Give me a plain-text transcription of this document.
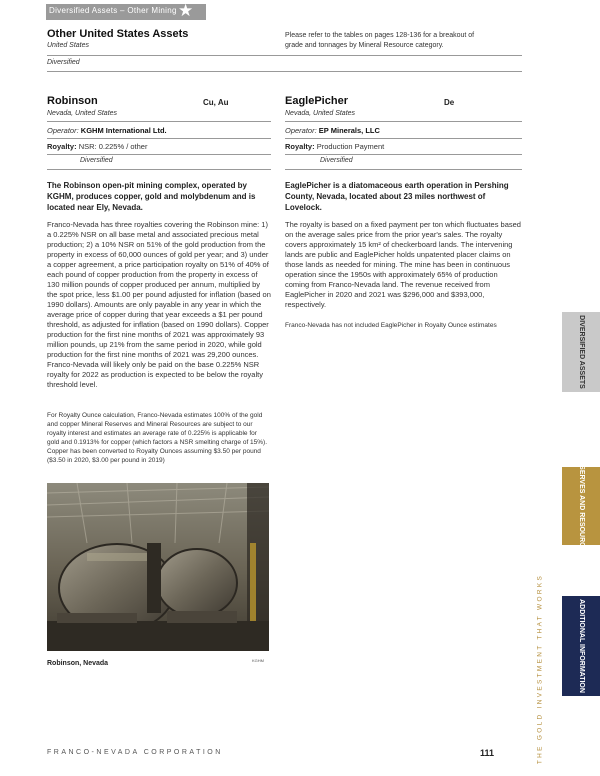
Diversified Assets – Other Mining ★
Other United States Assets
United States
Please refer to the tables on pages 128-136 for a breakout of grade and tonnages by Mineral Resource category.
Diversified
Robinson	Cu, Au
Nevada, United States
Operator: KGHM International Ltd.
Royalty: NSR: 0.225% / other
Diversified
The Robinson open-pit mining complex, operated by KGHM, produces copper, gold and molybdenum and is located near Ely, Nevada.
Franco-Nevada has three royalties covering the Robinson mine: 1) a 0.225% NSR on all base metal and associated precious metal production; 2) a 10% NSR on 51% of the gold production from the property in excess of 60,000 ounces of gold per year; and 3) under a copper agreement, a price participation royalty on 51% of 40% of each pound of copper production from the property in excess of 130 million pounds of copper produced per annum, multiplied by the spot price, less $1.00 per pound adjusted for inflation (based on 1990 dollars). Amounts are only payable in any year in which the average price of copper during that year exceeds a $1 per pound threshold, as adjusted for inflation (based on 1990 dollars). Copper production for the first nine months of 2021 was approximately 93 million pounds, up 21% from the same period in 2020, while gold production for the first nine months of 2021 was 29,200 ounces. Franco-Nevada will likely only be paid on the base 0.225% NSR royalty for 2022 as production is expected to be below the royalty threshold level.
For Royalty Ounce calculation, Franco-Nevada estimates 100% of the gold and copper Mineral Reserves and Mineral Resources are subject to our royalty interest and estimates an average rate of 0.225% is applicable for gold and 0.1913% for copper (which factors a NSR smelting charge of 15%). Copper has been converted to Royalty Ounces assuming $3.50 per pound ($3.50 in 2020, $3.00 per pound in 2019)
Robinson, Nevada	KGHM
EaglePicher	De
Nevada, United States
Operator: EP Minerals, LLC
Royalty: Production Payment
Diversified
EaglePicher is a diatomaceous earth operation in Pershing County, Nevada, located about 23 miles northwest of Lovelock.
The royalty is based on a fixed payment per ton which fluctuates based on the average sales price from the prior year's sales. The royalty covers approximately 15 km² of checkerboard lands. The intervening lands are public and EaglePicher holds unpatented placer claims on those lands as needed for mining. The mine has been in continuous operation since the 1950s with approximately 65% of production coming from Franco-Nevada land. The revenue received from EaglePicher in 2020 and 2021 was $296,000 and $393,000, respectively.
Franco-Nevada has not included EaglePicher in Royalty Ounce estimates	DIVERSIFIED ASSETS
RESERVES AND RESOURCES
ADDITIONAL INFORMATION
THE GOLD INVESTMENT THAT WORKS
FRANCO-NEVADA CORPORATION	111
